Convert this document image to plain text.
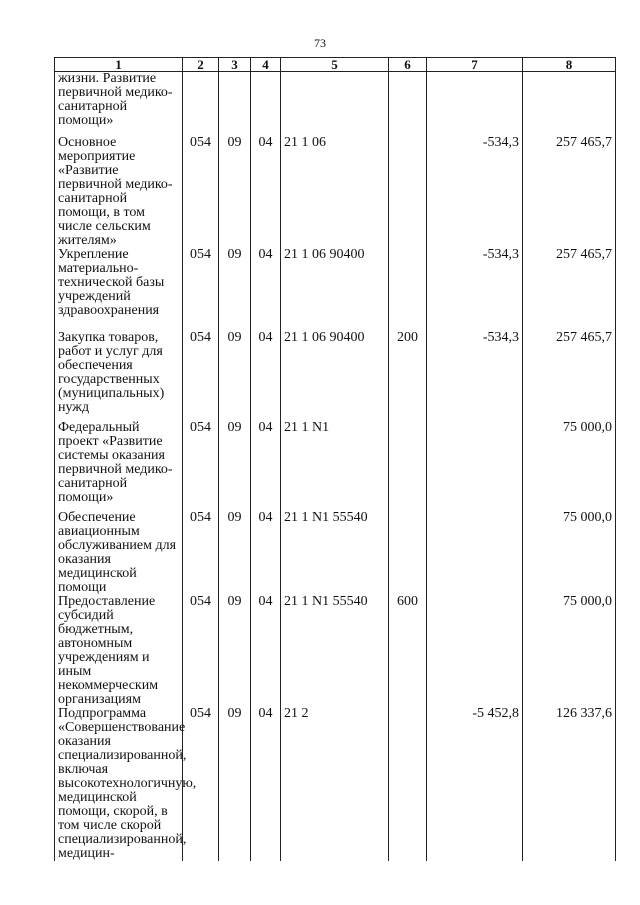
73
1	2	3	4	5	6	7	8
жизни. Развитие первичной медико-санитарной помощи»							
Основное мероприятие «Развитие первичной медико-санитарной помощи, в том числе сельским жителям»	054	09	04	21 1 06		-534,3	257 465,7
Укрепление материально-технической базы учреждений здравоохранения	054	09	04	21 1 06 90400		-534,3	257 465,7
Закупка товаров, работ и услуг для обеспечения государственных (муниципальных) нужд	054	09	04	21 1 06 90400	200	-534,3	257 465,7
Федеральный проект «Развитие системы оказания первичной медико-санитарной помощи»	054	09	04	21 1 N1			75 000,0
Обеспечение авиационным обслуживанием для оказания медицинской помощи	054	09	04	21 1 N1 55540			75 000,0
Предоставление субсидий бюджетным, автономным учреждениям и иным некоммерческим организациям	054	09	04	21 1 N1 55540	600		75 000,0
Подпрограмма «Совершенствование оказания специализированной, включая высокотехнологичную, медицинской помощи, скорой, в том числе скорой специализированной, медицин-	054	09	04	21 2		-5 452,8	126 337,6
